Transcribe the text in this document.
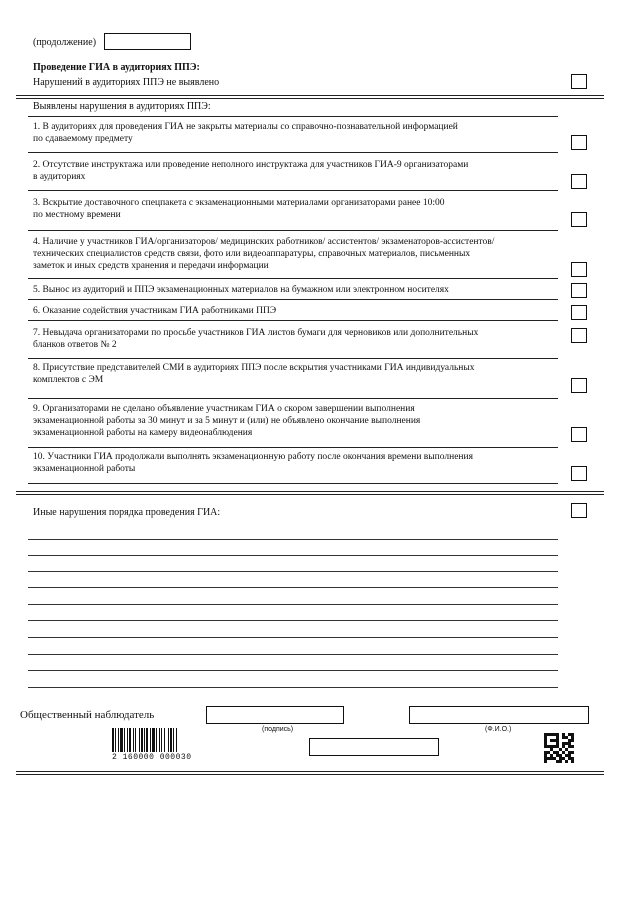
(продолжение)
Проведение ГИА в аудиториях ППЭ:
Нарушений в аудиториях ППЭ не выявлено
Выявлены нарушения в аудиториях ППЭ:
1. В аудиториях для проведения ГИА не закрыты материалы со справочно-познавательной информацией
по сдаваемому предмету
2. Отсутствие инструктажа или проведение неполного инструктажа для участников ГИА-9 организаторами
в аудиториях
3. Вскрытие доставочного спецпакета с экзаменационными материалами организаторами ранее 10:00
по местному времени
4. Наличие у участников ГИА/организаторов/ медицинских работников/ ассистентов/ экзаменаторов-ассистентов/
технических специалистов средств связи, фото или видеоаппаратуры, справочных материалов, письменных
заметок и иных средств хранения и передачи информации
5. Вынос из аудиторий и ППЭ экзаменационных материалов на бумажном или электронном носителях
6. Оказание содействия участникам ГИА работниками ППЭ
7. Невыдача организаторами по просьбе участников ГИА листов бумаги для черновиков или дополнительных
бланков ответов № 2
8. Присутствие представителей СМИ в аудиториях ППЭ после вскрытия участниками ГИА индивидуальных
комплектов с ЭМ
9. Организаторами не сделано объявление участникам ГИА о скором завершении выполнения
экзаменационной работы за 30 минут и за 5 минут и (или) не объявлено окончание выполнения
экзаменационной работы на камеру видеонаблюдения
10. Участники ГИА продолжали выполнять экзаменационную работу после окончания времени выполнения
экзаменационной работы
Иные нарушения порядка проведения ГИА:
Общественный наблюдатель
(подпись)	(Ф.И.О.)
2 160000 000030
